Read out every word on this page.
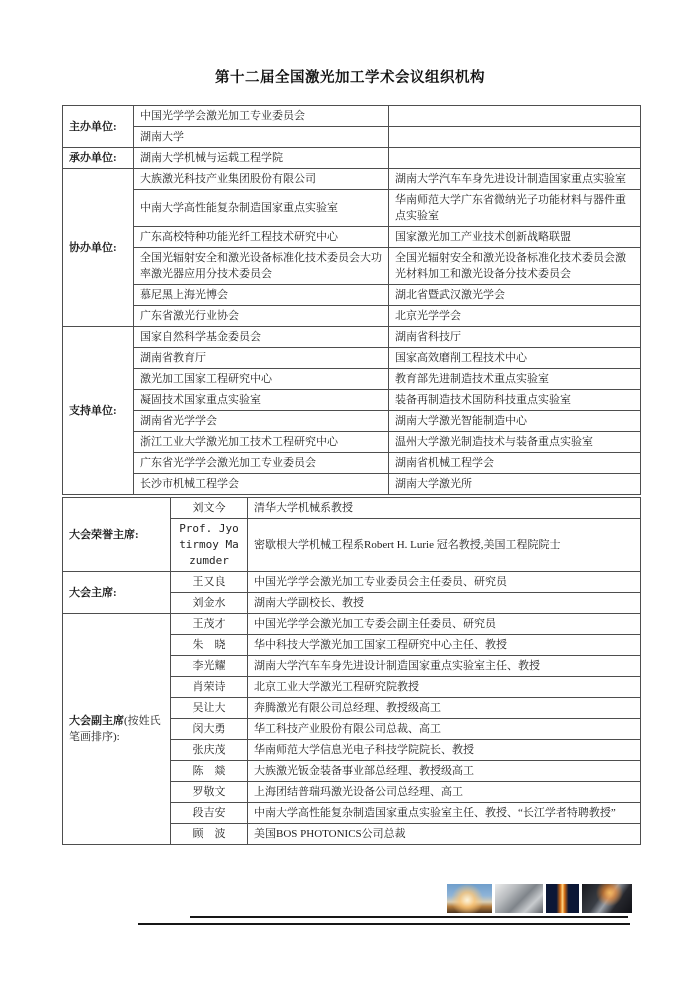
第十二届全国激光加工学术会议组织机构
主办单位:	中国光学学会激光加工专业委员会	
	湖南大学	
承办单位:	湖南大学机械与运载工程学院	
协办单位:	大族激光科技产业集团股份有限公司	湖南大学汽车车身先进设计制造国家重点实验室
	中南大学高性能复杂制造国家重点实验室	华南师范大学广东省微纳光子功能材料与器件重点实验室
	广东高校特种功能光纤工程技术研究中心	国家激光加工产业技术创新战略联盟
	全国光辐射安全和激光设备标准化技术委员会大功率激光器应用分技术委员会	全国光辐射安全和激光设备标准化技术委员会激光材料加工和激光设备分技术委员会
	慕尼黑上海光博会	湖北省暨武汉激光学会
	广东省激光行业协会	北京光学学会
支持单位:	国家自然科学基金委员会	湖南省科技厅
	湖南省教育厅	国家高效磨削工程技术中心
	激光加工国家工程研究中心	教育部先进制造技术重点实验室
	凝固技术国家重点实验室	装备再制造技术国防科技重点实验室
	湖南省光学学会	湖南大学激光智能制造中心
	浙江工业大学激光加工技术工程研究中心	温州大学激光制造技术与装备重点实验室
	广东省光学学会激光加工专业委员会	湖南省机械工程学会
	长沙市机械工程学会	湖南大学激光所
大会荣誉主席:	刘文今	清华大学机械系教授
	Prof. Jyotirmoy Mazumder	密歇根大学机械工程系Robert H. Lurie 冠名教授,美国工程院院士
大会主席:	王又良	中国光学学会激光加工专业委员会主任委员、研究员
	刘金水	湖南大学副校长、教授
大会副主席(按姓氏笔画排序):	王茂才	中国光学学会激光加工专委会副主任委员、研究员
	朱　晓	华中科技大学激光加工国家工程研究中心主任、教授
	李光耀	湖南大学汽车车身先进设计制造国家重点实验室主任、教授
	肖荣诗	北京工业大学激光工程研究院教授
	吴让大	奔腾激光有限公司总经理、教授级高工
	闵大勇	华工科技产业股份有限公司总裁、高工
	张庆茂	华南师范大学信息光电子科技学院院长、教授
	陈　燚	大族激光钣金装备事业部总经理、教授级高工
	罗敬文	上海团结普瑞玛激光设备公司总经理、高工
	段吉安	中南大学高性能复杂制造国家重点实验室主任、教授、“长江学者特聘教授”
	顾　波	美国BOS PHOTONICS公司总裁
